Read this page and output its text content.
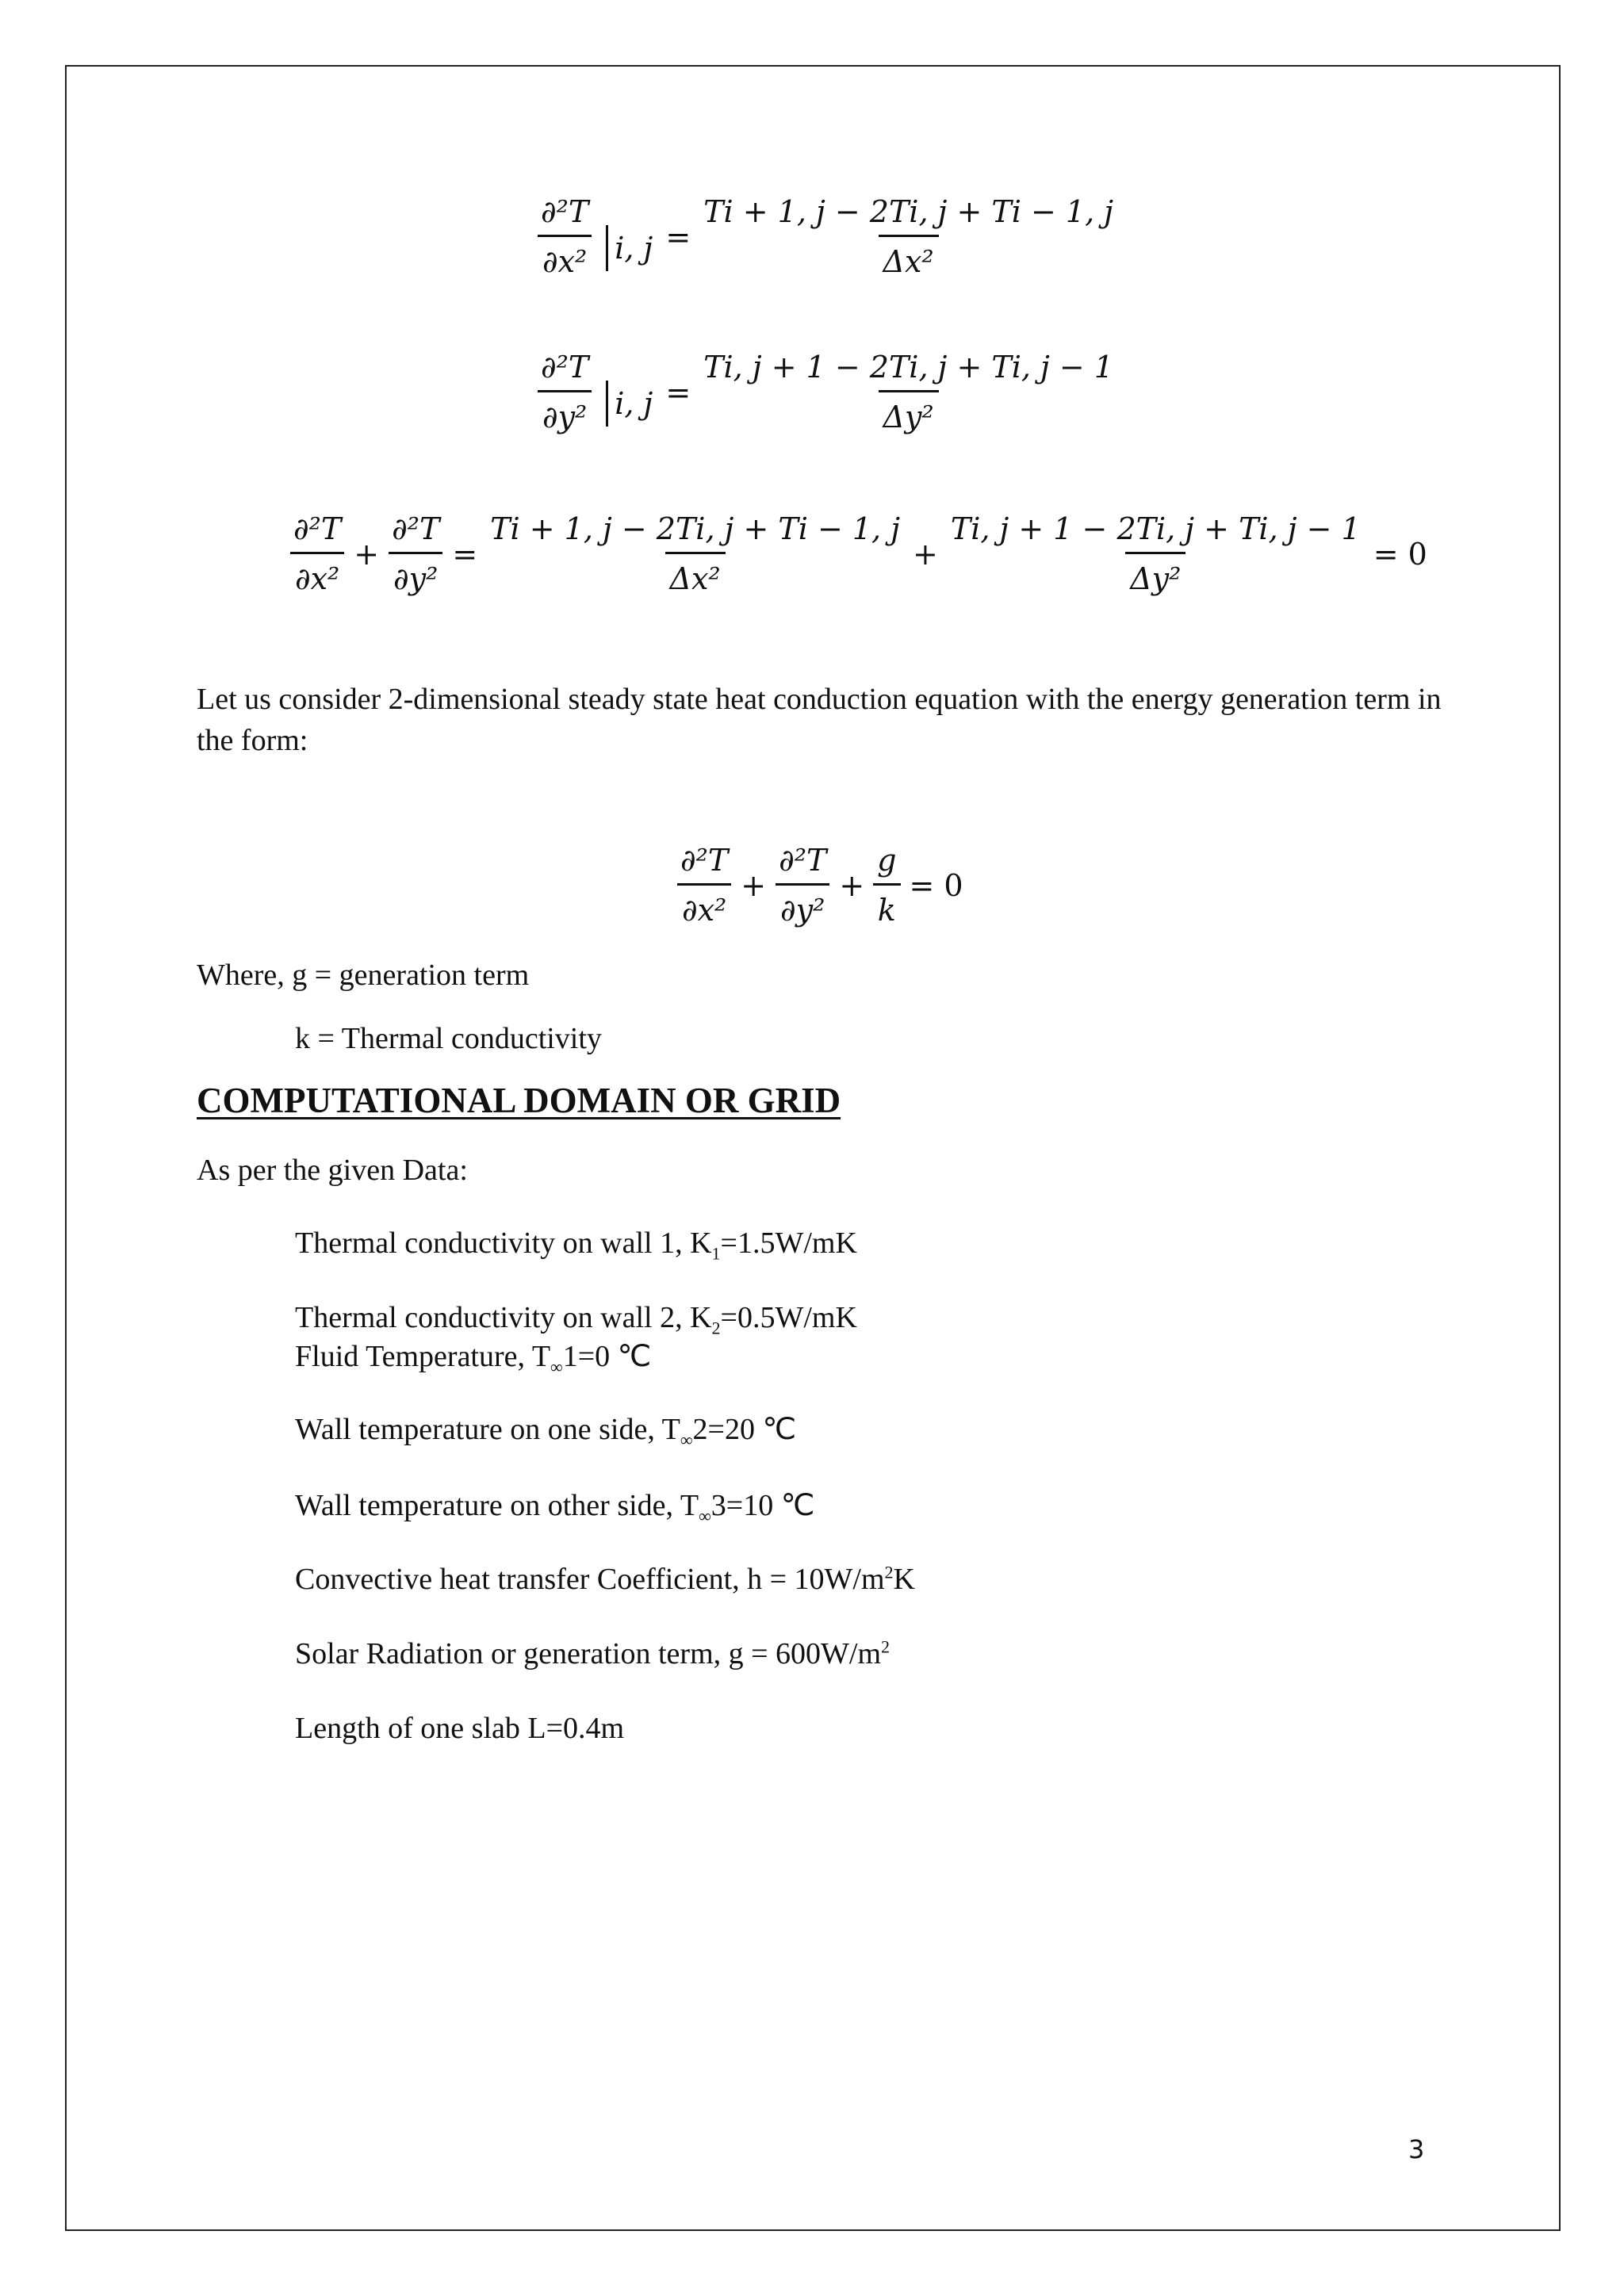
$\frac{\text{∂²T}}{\text{∂x²}} i$, $j = \frac{Ti + 1, j - 2Ti, j + Ti - 1, j}{\text{Δx²}}$
$\frac{\text{∂²T}}{\text{∂y²}} i$, $j = \frac{Ti, j + 1 - 2Ti, j + Ti, j - 1}{\text{Δy²}}$
$\frac{\text{∂²T}}{\text{∂x²}} + \frac{\text{∂²T}}{\text{∂y²}} = \frac{Ti + 1, j - 2Ti, j + Ti - 1, j}{\text{Δx²}} + \frac{Ti, j + 1 - 2Ti, j + Ti, j - 1}{\text{Δy²}} = 0$
Let us consider 2-dimensional steady state heat conduction equation with the energy generation term in the form:
$\frac{\text{∂²T}}{\text{∂x²}} + \frac{\text{∂²T}}{\text{∂y²}} + \frac{g}{k} = 0$
Where, g = generation term
k = Thermal conductivity
COMPUTATIONAL DOMAIN OR GRID
As per the given Data:
Thermal conductivity on wall 1, $K_1=1.5W/mK$
Thermal conductivity on wall 2, $K_2=0.5W/mK$
Fluid Temperature, $T_\infty 1=0$ ℃
Wall temperature on one side, $T_\infty 2=20$ ℃
Wall temperature on other side, $T_\infty 3=10$ ℃
Convective heat transfer Coefficient, $h = 10W/m^2K$
Solar Radiation or generation term, $g = 600W/m^2$
Length of one slab L=0.4m
3
